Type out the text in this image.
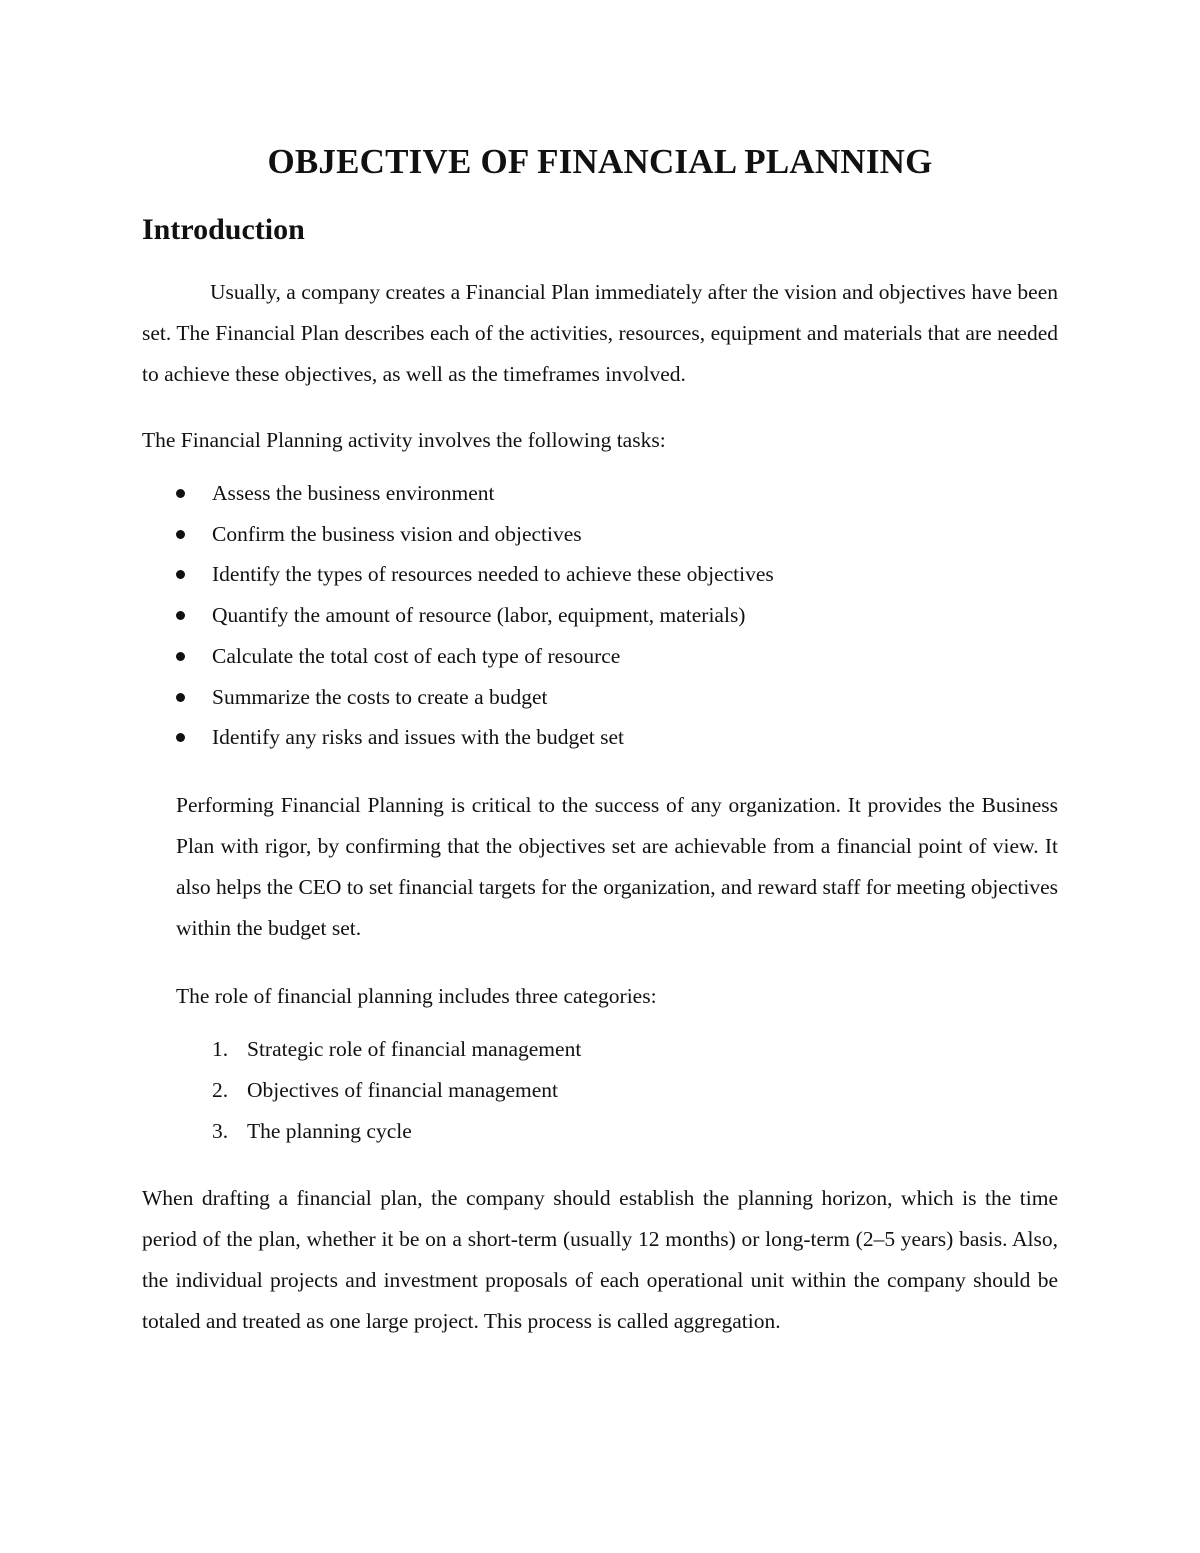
OBJECTIVE OF FINANCIAL PLANNING
Introduction

Usually, a company creates a Financial Plan immediately after the vision and objectives have been set. The Financial Plan describes each of the activities, resources, equipment and materials that are needed to achieve these objectives, as well as the timeframes involved.

The Financial Planning activity involves the following tasks:

Assess the business environment
Confirm the business vision and objectives
Identify the types of resources needed to achieve these objectives
Quantify the amount of resource (labor, equipment, materials)
Calculate the total cost of each type of resource
Summarize the costs to create a budget
Identify any risks and issues with the budget set

Performing Financial Planning is critical to the success of any organization. It provides the Business Plan with rigor, by confirming that the objectives set are achievable from a financial point of view. It also helps the CEO to set financial targets for the organization, and reward staff for meeting objectives within the budget set.

The role of financial planning includes three categories:

1. Strategic role of financial management
2. Objectives of financial management
3. The planning cycle

When drafting a financial plan, the company should establish the planning horizon, which is the time period of the plan, whether it be on a short-term (usually 12 months) or long-term (2–5 years) basis. Also, the individual projects and investment proposals of each operational unit within the company should be totaled and treated as one large project. This process is called aggregation.
